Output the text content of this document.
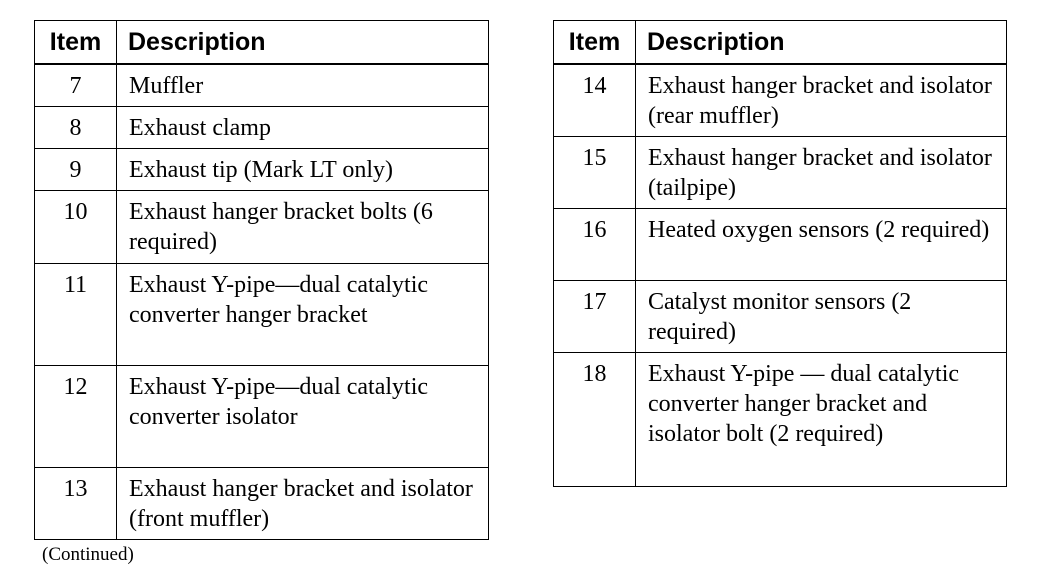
Item	Description
7	Muffler
8	Exhaust clamp
9	Exhaust tip (Mark LT only)
10	Exhaust hanger bracket bolts (6 required)
11	Exhaust Y-pipe—dual catalytic converter hanger bracket
12	Exhaust Y-pipe—dual catalytic converter isolator
13	Exhaust hanger bracket and isolator (front muffler)
(Continued)
Item	Description
14	Exhaust hanger bracket and isolator (rear muffler)
15	Exhaust hanger bracket and isolator (tailpipe)
16	Heated oxygen sensors (2 required)
17	Catalyst monitor sensors (2 required)
18	Exhaust Y-pipe — dual catalytic converter hanger bracket and isolator bolt (2 required)
